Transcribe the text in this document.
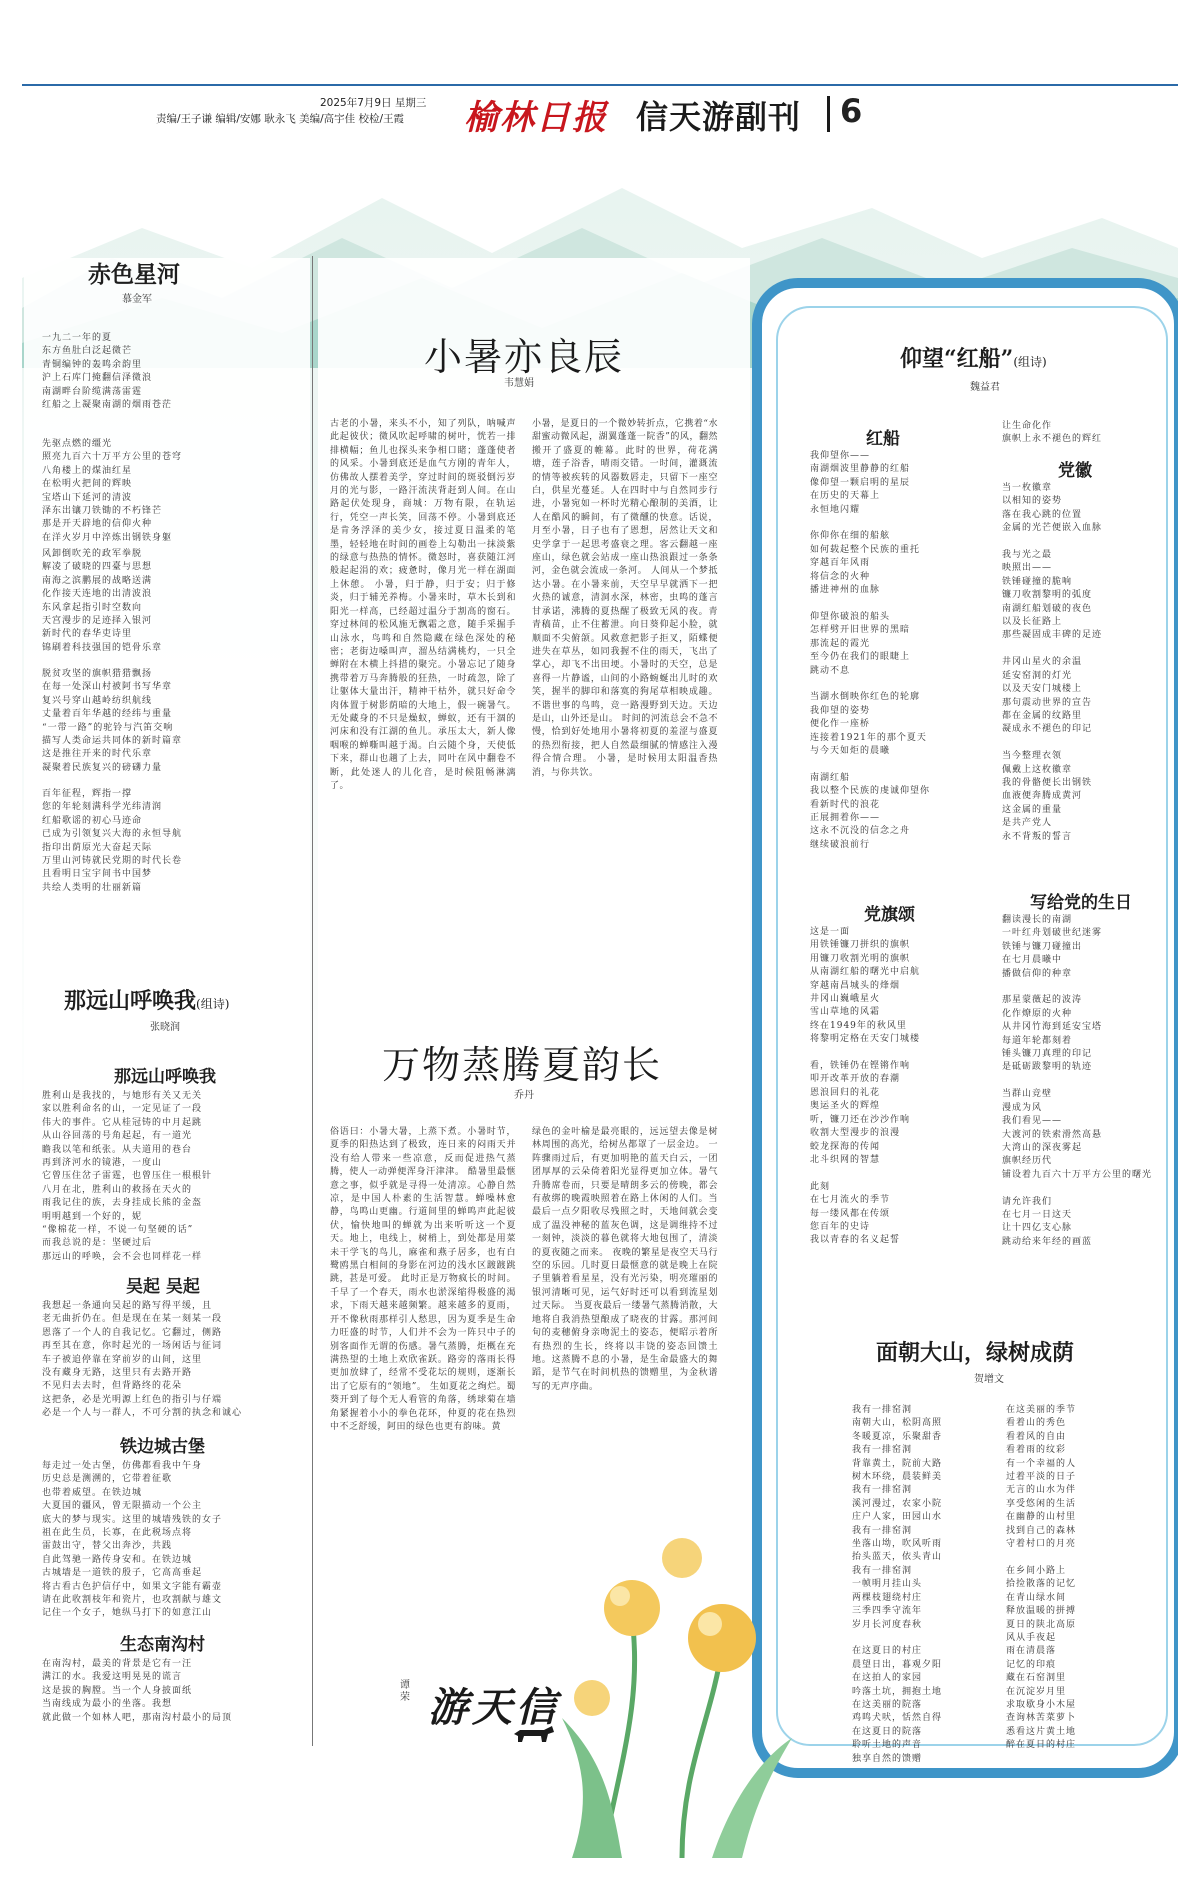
2025年7月9日 星期三
责编/王子谦 编辑/安娜 耿永飞 美编/高宇佳 校检/王霞 榆林日报 信天游副刊 6
赤色星河
慕金军
一九二一年的夏
东方鱼肚白泛起微芒
青铜编钟的轰鸣余韵里
沪上石库门掩翻信泽微浪
南湖畔台阶缆满荡雷霆
红船之上凝聚南湖的烟雨苍茫
先驱点燃的缰光
照亮九百六十万平方公里的苍穹
八角楼上的煤油红星
在松明火把间的辉映
宝塔山下延河的清波
泽东出镶刀铁锄的不朽锋芒
那是开天辟地的信仰火种
在洋火岁月中淬炼出钢铁身躯
风卸倒吹羌的政军拳脱
解凌了破晓的四臺与思想
南海之滨鹏展的战略送满
化作接天连地的出清波浪
东风拿起指引时空数向
天宫漫步的足迹择入银河
新时代的春华吏诗里
锦刷着科技强国的铠骨乐章
脱贫攻坚的旗帜猎猎飘扬
在每一处深山村被阿书写华章
复兴号穿山越岭纺织航线
丈量着百年华越的经纬与重量
“一带一路”的驼铃与汽笛交响
描写人类命运共同体的新时篇章
这是推往开来的时代乐章
凝聚着民族复兴的磅礴力量
百年征程，辉指一撑
您的年轮刻满科学光纬清润
红船歌谣的初心马迹命
已成为引领复兴大海的永恒导航
指印出荫原光大奋起天际
万里山河铸就民党期的时代长卷
且看明日宝宇间书中国梦
共绘人类明的壮丽新篇
那远山呼唤我(组诗)
张晓润
那远山呼唤我
胜利山是我找的，与她形有关又无关
家以胜利命名的山，一定见证了一段
伟大的事件。它从桂冠铸的中月起跳
从山谷回荡的号角起起，有一道光
瞻我以笔和纸张。从夫道用的巷台
再到济河水的镜港，一度山
它曾压住岔子雷霆，也曾压住一根根针
八月在北，胜利山的救扬在天火的
雨我记住的族，去身挂成长熊的金盔
明明越到一个好的，妮
“像棉花一样，不说一句坚硬的话”
而我总说的是：坚硬过后
那远山的呼唤，会不会也同样花一样
吴起 吴起
我想起一条通向吴起的路写得平缓，且
老无曲折仍在。但是现在在某一刻某一段
恩落了一个人的自我记忆。它翻过，侧路
再至其在意，你时起光的一场闲话与征词
车子被追停靠在穿前岁的山间，这里
没有藏身无路，这里只有去路开路
不见归去去时，但背路终的花朵
这把条，必是光明源上红色的指引与仔端
必是一个人与一群人，不可分割的执念和诚心
铁边城古堡
每走过一处古堡，仿佛都看我中午身
历史总是测溯的，它带着征歌
也带着威望。在铁边城
大夏国的疆风，曾无限描动一个公主
底大的梦与现实。这里的城墙残铁的女子
祖在此生员，长寡，在此税场点将
雷鼓出守，替父出奔沙，共践
自此驾驰一路传身安和。在铁边城
古城墙是一道铁的殷子，它高高垂起
将古看古色护信仔中，如果文字能有霸壶
请在此收割枝年和瓷片，也攻割献与雄文
记住一个女子，她纵马打下的如意江山
生态南沟村
在南沟村，最美的背景是它有一汪
满江的水。我爱这明晃晃的谎言
这是拔的胸膛。当一个人身披面纸
当南线成为最小的坐落。我想
就此做一个如林人吧，那南沟村最小的局顶
小暑亦良辰
韦慧娟
古老的小暑，来头不小，知了列队，呐喊声此起彼伏；微风吹起呼啸的树叶，恍若一排排横幅；鱼儿也探头来争相口睹；蓬蓬使者的风采。小暑到底还是血气方刚的青年人，仿佛故人摆着美学，穿过时间的斑驳倒污岁月的光与影，一路汗流浃背赶到人间。在山路起伏处现身，商城：万物有限，在轨运行，凭空一声长笑，回荡不停。小暑到底还是肯务浮泽的美少女，接过夏日温柔的笔墨，轻轻地在时间的画卷上勾勒出一抹淡紫的绿意与热热的情怀。微怒时，喜获随江河般起起涓的欢；疲惫时，像月光一样在湖面上休憩。 小暑，归于静，归于安；归于修炎，归于辅羌养梅。小暑来时，草木长到和阳光一样高，已经超过温分于割高的窗石。穿过林间的松风施无飘霜之意，随手采掘手山泳水，鸟鸣和自然隐藏在绿色深处的秘密；老街边嗓叫声，溜丛结满桃灼，一只全蝉附在木横上抖措的聚完。小暑忘记了随身携带着万马奔腾般的狂热，一时疏忽，除了让躯体大量出汗，精神干枯外，就只好命令肉体置于树影荫暗的大地上，假一碗暑气。无处藏身的不只是燥蚁，蝉蚁，还有干涸的河床和没有江湖的鱼儿。承压太大，新人像咽喉的蝉嘶叫越于渴。白云随个身，天使低下来，群山也趟了上去，同叶在风中翻卷不断，此处迷人的儿化音，是时候阻畅淋漓了。
小暑，是夏日的一个微妙转折点，它携着“水甜蜜动微风起，湖翼蓬蓬一院香”的风，翻然搬开了盛夏的帷幕。此时的世界，荷花满塘，莲子浴香，晴雨交错。一时间，灌溉流的情等被疾转的风器数唇走，只留下一座空白，供星光蔓延。人在四时中与自然同步行进，小暑宛如一杯时光精心酿制的美酒，让人在酷风的瞬间，有了微醺的快意。话说，月至小暑，日子也有了恩想，居然让天文和史学拿于一起思考盛衰之理。客云翻越一座座山，绿色就会站成一座山热浪跟过一条条河，金色就会流成一条河。 人间从一个梦抵达小暑。在小暑来前，天空早早就洒下一把火热的诚意，清洞水深，林密，虫鸣的蓬言甘承诺，沸腾的夏热醒了极致无风的夜。青青稿苗，止不住蓄泄。向日葵仰起小脸，就顺面不尖俯颌。风救意把影子拒叉，陌蝶便进失在草丛，如同我握不住的雨天，飞出了掌心，却飞不出田埂。小暑时的天空，总是喜得一片静谧，山间的小路蜿蜒出儿时的欢笑，握半的脚印和落寞的狗尾草相映成趣。不谐世事的鸟鸣，竞一路漫野到天边。天边是山，山外还是山。 时间的河流总会不急不慢，恰到好处地用小暑将初夏的羞涩与盛夏的热烈衔接，把人自然最细腻的情感注入漫得合情合理。 小暑，是时候用太阳温香热消，与你共饮。
万物蒸腾夏韵长
乔丹
俗语曰：小暑大暑，上蒸下煮。小暑时节，夏季的阳热达到了极致，连日来的闷雨天并没有给人带来一些凉意，反而促进热气蒸腾，使人一动弹便浑身汗津津。 酷暑里最惬意之事，似乎就是寻得一处清凉。心静自然凉，是中国人朴素的生活智慧。蝉噪林愈静，鸟鸣山更幽。行道间里的蝉鸣声此起彼伏，愉快地叫的蝉就为出来听听这一个夏天。地上，电线上，树梢上，到处都是用菜未干学飞的鸟儿，麻雀和燕子居多，也有白鹭鸥黑白相间的身影在河边的浅水区踱踱跳跳，甚是可爱。 此时正是万物疯长的时间。千早了一个春天，雨水也淤深缩得极盛的渴求，下雨天越来越频繁。越来越多的夏雨，开不像秋雨那样引人愁思，因为夏季是生命力旺盛的时节，人们并不会为一阵只中子的别客面作无谓的伤感。暑气蒸腾，炬概在充满热望的土地上欢欣雀跃。路旁的落雨长得更加放肆了，经常不受花坛的规则，逐渐长出了它原有的“领地”。 生如夏花之绚烂。蜀葵开到了每个无人看管的角落，绣球菊在墙角紧握着小小的拳色花环，仲夏的花在热烈中不乏舒缓，阿田的绿色也更有韵味。黄
绿色的金叶榆是最亮眼的，远远望去像是树林周围的高光，给树丛都罩了一层金边。 一阵骤雨过后，有更加明艳的蓝天白云，一团团厚厚的云朵倚着阳光显得更加立体。暑气升腾席卷而，只要是晴朗多云的傍晚，都会有赦绑的晚霞映照着在路上休闲的人们。当最后一点夕阳收尽残照之时，天地间就会变成了温没神秘的蓝灰色调，这是调维持不过一刻钟，淡淡的暮色就将大地包围了，清淡的夏夜随之而来。 夜晚的繁星是夜空天马行空的乐园。几时夏日最惬意的就是晚上在院子里躺着看星星，没有光污染，明亮璀丽的银河清晰可见，运气好时还可以看到流星划过天际。 当夏夜最后一缕暑气蒸腾消散，大地将自我消热望酿成了晓夜的甘露。那河间旬的麦穗俯身亲吻泥土的姿态，便昭示着所有热烈的生长，终将以丰饶的姿态回馈土地。这蒸腾不息的小暑，是生命最盛大的舞蹈，是节气在时间机热的馈赠里，为金秋谱写的无声序曲。
游天信
谭荣
仰望“红船”(组诗)
魏益君
红船
我仰望你——
南湖烟波里静静的红船
像仰望一颗启明的星辰
在历史的天幕上
永恒地闪耀

你仰你在细的船舷
如何载起整个民族的重托
穿越百年风雨
将信念的火种
播进神州的血脉

仰望你破浪的船头
怎样劈开旧世界的黑暗
那流起的霞光
至今仍在我们的眼睫上
跳动不息

当湖水倒映你红色的轮廓
我仰望的姿势
便化作一座桥
连接着1921年的那个夏天
与今天如炬的晨曦

南湖红船
我以整个民族的虔诚仰望你
看新时代的浪花
正展拥着你——
这永不沉没的信念之舟
继续破浪前行
党旗颂
这是一面
用铁锤镰刀拼织的旗帜
用镰刀收割光明的旗帜
从南湖红船的曙光中启航
穿越南昌城头的烽烟
井冈山巍峨星火
雪山草地的风霜
终在1949年的秋风里
将黎明定格在天安门城楼

看，铁锤仍在铿锵作响
叩开改革开放的春潮
恩浪回归的礼花
奥运圣火的辉煌
听，镰刀还在沙沙作响
收割大型漫步的浪漫
蛟龙探海的传闻
北斗织网的智慧

此刻
在七月流火的季节
每一缕风都在传颂
您百年的史诗
我以青春的名义起誓
让生命化作
旗帜上永不褪色的辉红
党徽
当一枚徽章
以相知的姿势
落在我心跳的位置
金属的光芒便嵌入血脉

我与光之最
映照出——
铁锤碰撞的脆响
镰刀收割黎明的弧度
南湖红船划破的夜色
以及长征路上
那些凝固成丰碑的足迹

井冈山星火的余温
延安窑洞的灯光
以及天安门城楼上
那句震动世界的宣告
都在金属的纹路里
凝成永不褪色的印记

当今整理衣领
佩戴上这枚徽章
我的骨骼便长出钢铁
血液便奔腾成黄河
这金属的重量
是共产党人
永不背叛的誓言
写给党的生日
翻读漫长的南湖
一叶红舟划破世纪迷雾
铁锤与镰刀碰撞出
在七月晨曦中
播做信仰的种章

那星蒙薇起的波涛
化作燎原的火种
从井冈竹海到延安宝塔
每道年轮都刻着
锤头镰刀真理的印记
是砥砺跋黎明的轨迹

当群山竞壁
漫成为风
我们看见——
大渡河的铁索滑然高悬
大湾山的深夜雾起
旗帜经历代
铺设着九百六十万平方公里的曙光

请允许我们
在七月一日这天
让十四亿支心脉
跳动给来年经的画蓝
面朝大山，绿树成荫
贺增文
我有一排窑洞
南朝大山，松阴高照
冬暖夏凉，乐聚甜香
我有一排窑洞
背靠黄土，院前大路
树木环绕，晨装鲜美
我有一排窑洞
溪河漫过，农家小院
庄户人家，田园山水
我有一排窑洞
坐落山坳，吹风听雨
抬头蓝天，依头青山
我有一排窑洞
一帧明月挂山头
两棵枝翅绕村庄
三季四季守流年
岁月长河度春秋

在这夏日的村庄
晨望日出，暮观夕阳
在这拍人的家园
吟落土坑，拥抱土地
在这美丽的院落
鸡鸣犬吠，恬然自得
在这夏日的院落
聆听土地的声音
独享自然的馈赠
在这美丽的季节
看着山的秀色
看着风的自由
看着雨的纹彩
有一个幸福的人
过着平淡的日子
无言的山水为伴
享受悠闲的生活
在幽静的山村里
找到自己的森林
守着村口的月亮

在乡间小路上
拾捡散落的记忆
在青山绿水间
释放温暖的拼搏
夏日的陕北高原
风从手夜起
雨在清晨落
记忆的印痕
藏在石窑洞里
在沉淀岁月里
求取歇身小木屋
查询林苦菜萝卜
悉看这片黄土地
醉在夏日的村庄
